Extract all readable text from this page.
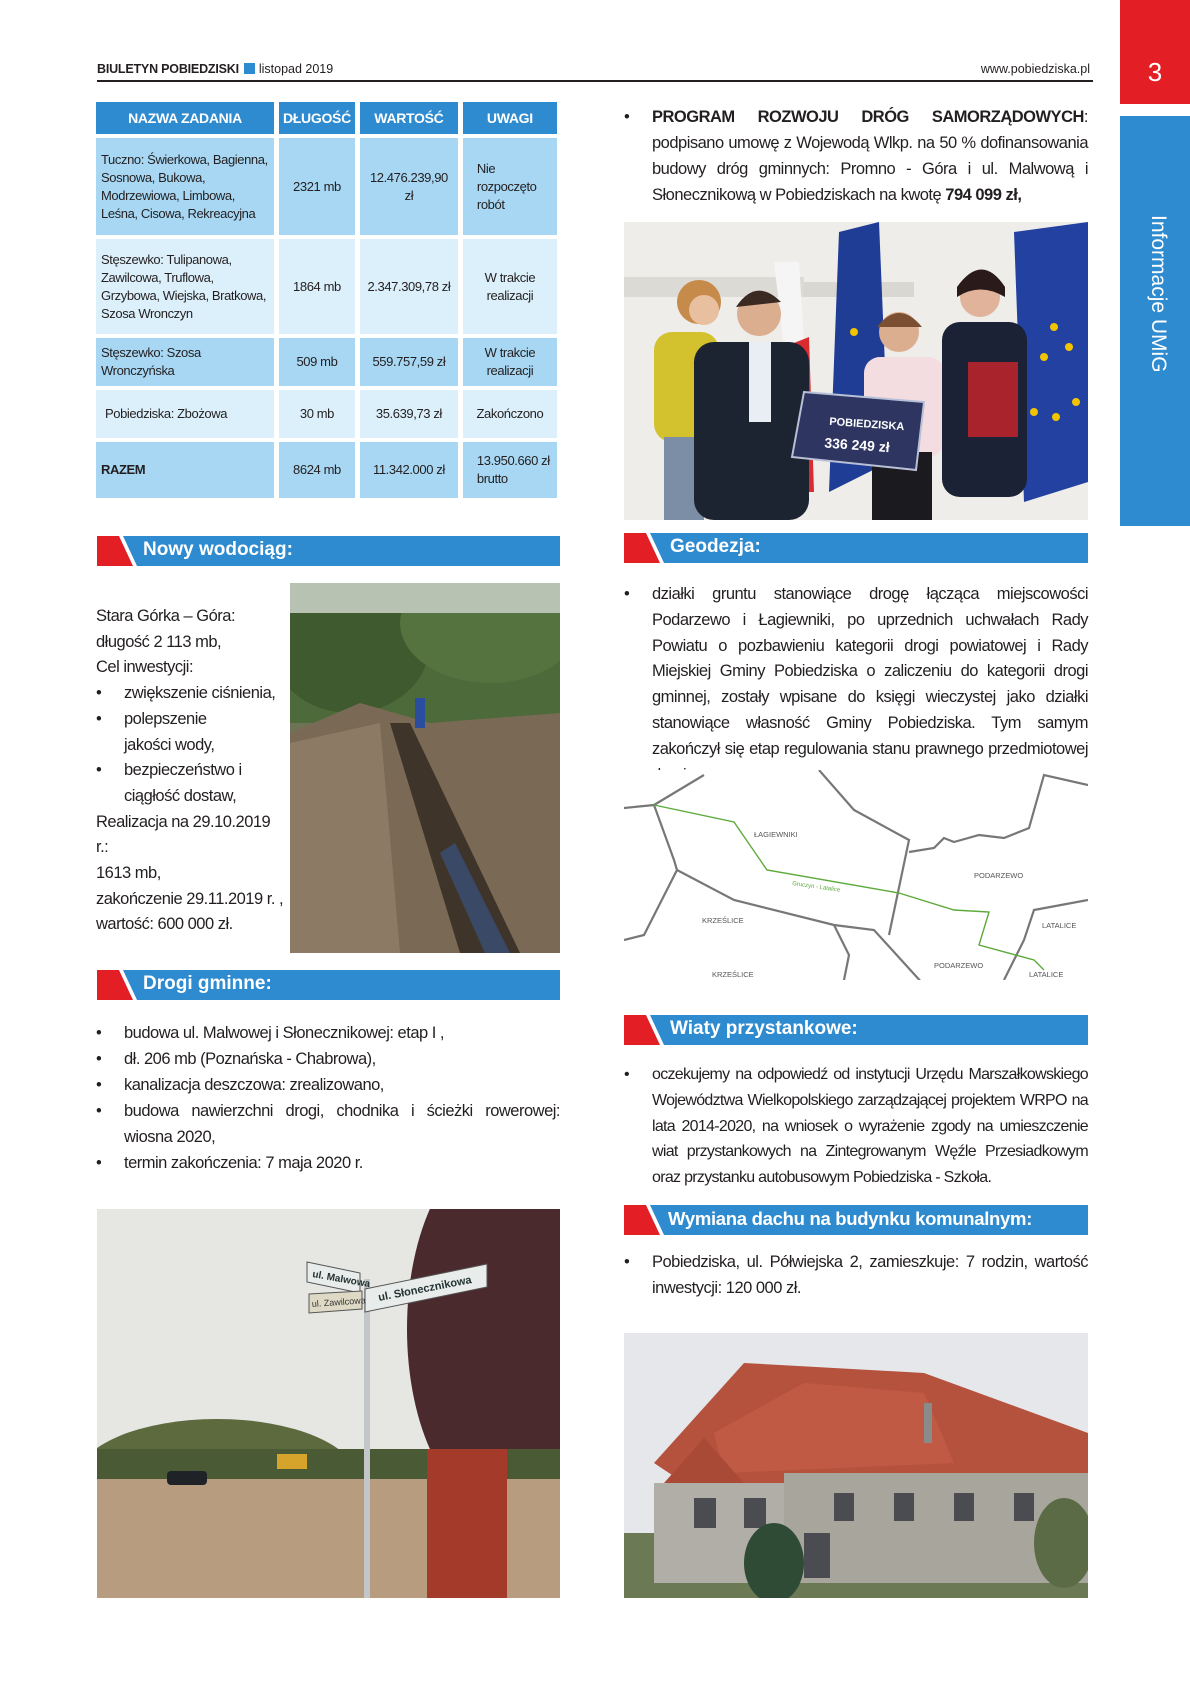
BIULETYN POBIEDZISKI listopad 2019	www.pobiedziska.pl	3
Informacje UMiG
NAZWA ZADANIA	DŁUGOŚĆ	WARTOŚĆ	UWAGI
Tuczno: Świerkowa, Bagienna, Sosnowa, Bukowa, Modrzewiowa, Limbowa, Leśna, Cisowa, Rekreacyjna	2321 mb	12.476.239,90 zł	Nie rozpoczęto robót
Stęszewko: Tulipanowa, Zawilcowa, Truflowa, Grzybowa, Wiejska, Bratkowa, Szosa Wronczyn	1864 mb	2.347.309,78 zł	W trakcie realizacji
Stęszewko: Szosa Wronczyńska	509 mb	559.757,59 zł	W trakcie realizacji
Pobiedziska: Zbożowa	30 mb	35.639,73 zł	Zakończono
RAZEM	8624 mb	11.342.000 zł	13.950.660 zł brutto
• PROGRAM ROZWOJU DRÓG SAMORZĄDOWYCH: podpisano umowę z Wojewodą Wlkp. na 50 % dofinansowania budowy dróg gminnych: Promno - Góra i ul. Malwową i Słonecznikową w Pobiedziskach na kwotę 794 099 zł,
POBIEDZISKA
336 249 zł
Nowy wodociąg:
Stara Górka – Góra:
długość 2 113 mb,
Cel inwestycji:
• zwiększenie ciśnienia,
• polepszenie jakości wody,
• bezpieczeństwo i ciągłość dostaw,
Realizacja na 29.10.2019 r.:
1613 mb,
zakończenie 29.11.2019 r. ,
wartość: 600 000 zł.
Drogi gminne:
• budowa ul. Malwowej i Słonecznikowej: etap I ,
• dł. 206 mb (Poznańska - Chabrowa),
• kanalizacja deszczowa: zrealizowano,
• budowa nawierzchni drogi, chodnika i ścieżki rowerowej: wiosna 2020,
• termin zakończenia: 7 maja 2020 r.
ul. Malwowa ul. Słonecznikowa
ul. Zawilcowa
Geodezja:
• działki gruntu stanowiące drogę łącząca miejscowości Podarzewo i Łagiewniki, po uprzednich uchwałach Rady Powiatu o pozbawieniu kategorii drogi powiatowej i Rady Miejskiej Gminy Pobiedziska o zaliczeniu do kategorii drogi gminnej, zostały wpisane do księgi wieczystej jako działki stanowiące własność Gminy Pobiedziska. Tym samym zakończył się etap regulowania stanu prawnego przedmiotowej
ŁAGIEWNIKI
PODARZEWO
KRZEŚLICE
LATALICE
PODARZEWO
KRZEŚLICE	LATALICE
Gruczyn - Latalice
Wiaty przystankowe:
• oczekujemy na odpowiedź od instytucji Urzędu Marszałkowskiego Województwa Wielkopolskiego zarządzającej projektem WRPO na lata 2014-2020, na wniosek o wyrażenie zgody na umieszczenie wiat przystankowych na Zintegrowanym Węźle Przesiadkowym oraz przystanku autobusowym Pobiedziska - Szkoła.
Wymiana dachu na budynku komunalnym:
• Pobiedziska, ul. Półwiejska 2, zamieszkuje: 7 rodzin, wartość inwestycji: 120 000 zł.
